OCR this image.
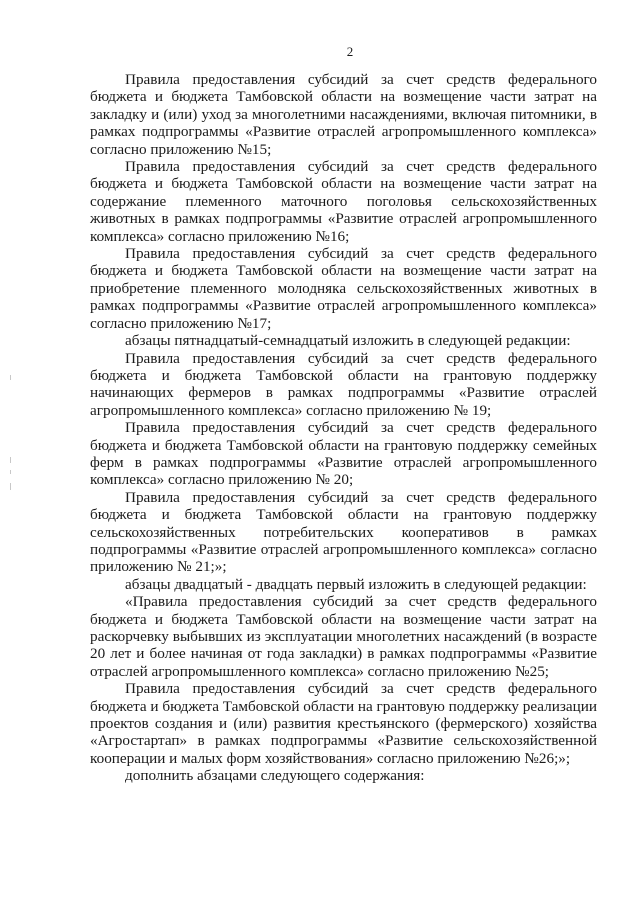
2

Правила предоставления субсидий за счет средств федерального бюджета и бюджета Тамбовской области на возмещение части затрат на закладку и (или) уход за многолетними насаждениями, включая питомники, в рамках подпрограммы «Развитие отраслей агропромышленного комплекса» согласно приложению №15;

Правила предоставления субсидий за счет средств федерального бюджета и бюджета Тамбовской области на возмещение части затрат на содержание племенного маточного поголовья сельскохозяйственных животных в рамках подпрограммы «Развитие отраслей агропромышленного комплекса» согласно приложению №16;

Правила предоставления субсидий за счет средств федерального бюджета и бюджета Тамбовской области на возмещение части затрат на приобретение племенного молодняка сельскохозяйственных животных в рамках подпрограммы «Развитие отраслей агропромышленного комплекса» согласно приложению №17;

абзацы пятнадцатый-семнадцатый изложить в следующей редакции:

Правила предоставления субсидий за счет средств федерального бюджета и бюджета Тамбовской области на грантовую поддержку начинающих фермеров в рамках подпрограммы «Развитие отраслей агропромышленного комплекса» согласно приложению № 19;

Правила предоставления субсидий за счет средств федерального бюджета и бюджета Тамбовской области на грантовую поддержку семейных ферм в рамках подпрограммы «Развитие отраслей агропромышленного комплекса» согласно приложению № 20;

Правила предоставления субсидий за счет средств федерального бюджета и бюджета Тамбовской области на грантовую поддержку сельскохозяйственных потребительских кооперативов в рамках подпрограммы «Развитие отраслей агропромышленного комплекса» согласно приложению № 21;»;

абзацы двадцатый - двадцать первый изложить в следующей редакции:

«Правила предоставления субсидий за счет средств федерального бюджета и бюджета Тамбовской области на возмещение части затрат на раскорчевку выбывших из эксплуатации многолетних насаждений (в возрасте 20 лет и более начиная от года закладки) в рамках подпрограммы «Развитие отраслей агропромышленного комплекса» согласно приложению №25;

Правила предоставления субсидий за счет средств федерального бюджета и бюджета Тамбовской области на грантовую поддержку реализации проектов создания и (или) развития крестьянского (фермерского) хозяйства «Агростартап» в рамках подпрограммы «Развитие сельскохозяйственной кооперации и малых форм хозяйствования» согласно приложению №26;»;

дополнить абзацами следующего содержания:
